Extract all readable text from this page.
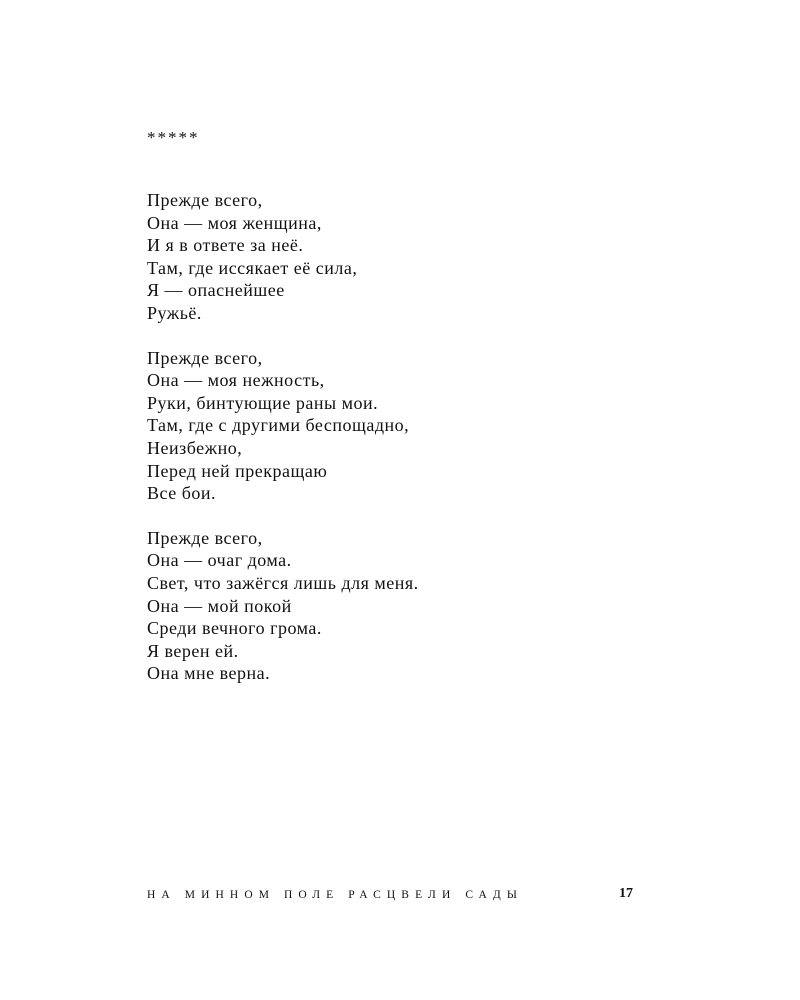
*****
Прежде всего,
Она — моя женщина,
И я в ответе за неё.
Там, где иссякает её сила,
Я — опаснейшее
Ружьё.
Прежде всего,
Она — моя нежность,
Руки, бинтующие раны мои.
Там, где с другими беспощадно,
Неизбежно,
Перед ней прекращаю
Все бои.
Прежде всего,
Она — очаг дома.
Свет, что зажёгся лишь для меня.
Она — мой покой
Среди вечного грома.
Я верен ей.
Она мне верна.
НА МИННОМ ПОЛЕ РАСЦВЕЛИ САДЫ	17
